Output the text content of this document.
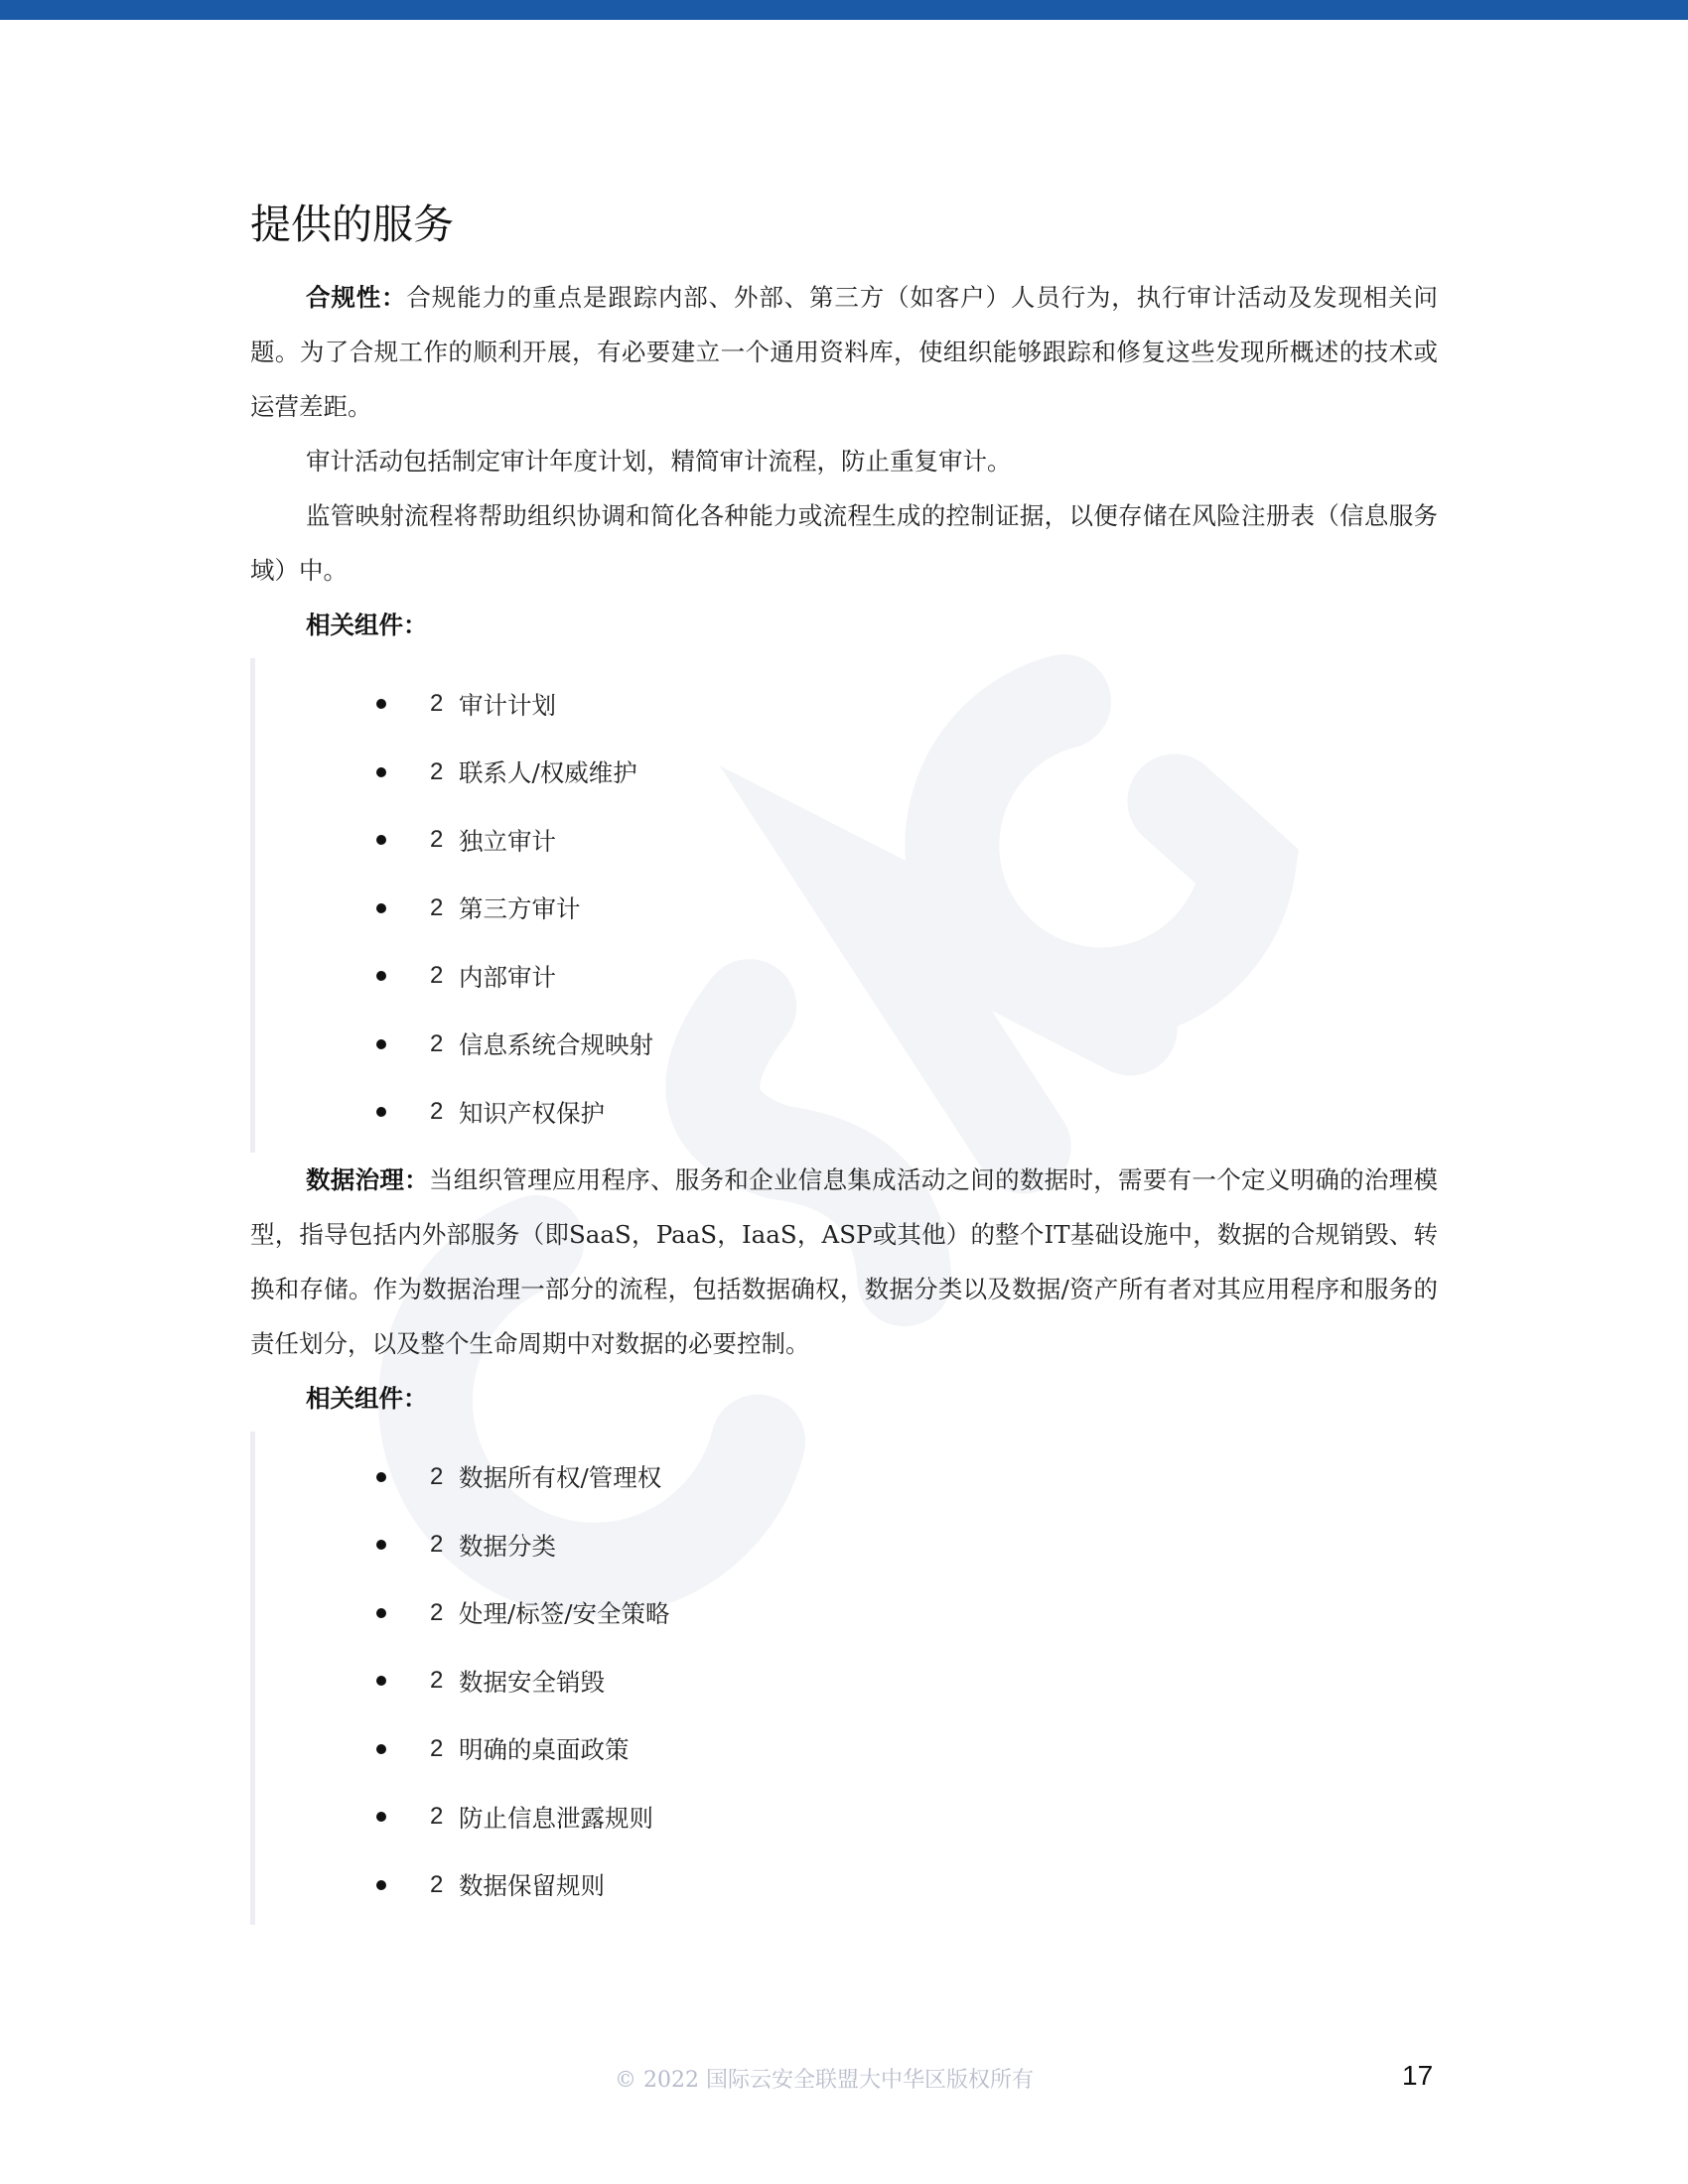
提供的服务

合规性：合规能力的重点是跟踪内部、外部、第三方（如客户）人员行为，执行审计活动及发现相关问题。为了合规工作的顺利开展，有必要建立一个通用资料库，使组织能够跟踪和修复这些发现所概述的技术或运营差距。

审计活动包括制定审计年度计划，精简审计流程，防止重复审计。

监管映射流程将帮助组织协调和简化各种能力或流程生成的控制证据，以便存储在风险注册表（信息服务域）中。

相关组件：

2 审计计划
2 联系人/权威维护
2 独立审计
2 第三方审计
2 内部审计
2 信息系统合规映射
2 知识产权保护

数据治理：当组织管理应用程序、服务和企业信息集成活动之间的数据时，需要有一个定义明确的治理模型，指导包括内外部服务（即SaaS，PaaS，IaaS，ASP或其他）的整个IT基础设施中，数据的合规销毁、转换和存储。作为数据治理一部分的流程，包括数据确权，数据分类以及数据/资产所有者对其应用程序和服务的责任划分，以及整个生命周期中对数据的必要控制。

相关组件：

2 数据所有权/管理权
2 数据分类
2 处理/标签/安全策略
2 数据安全销毁
2 明确的桌面政策
2 防止信息泄露规则
2 数据保留规则
© 2022 国际云安全联盟大中华区版权所有	17
